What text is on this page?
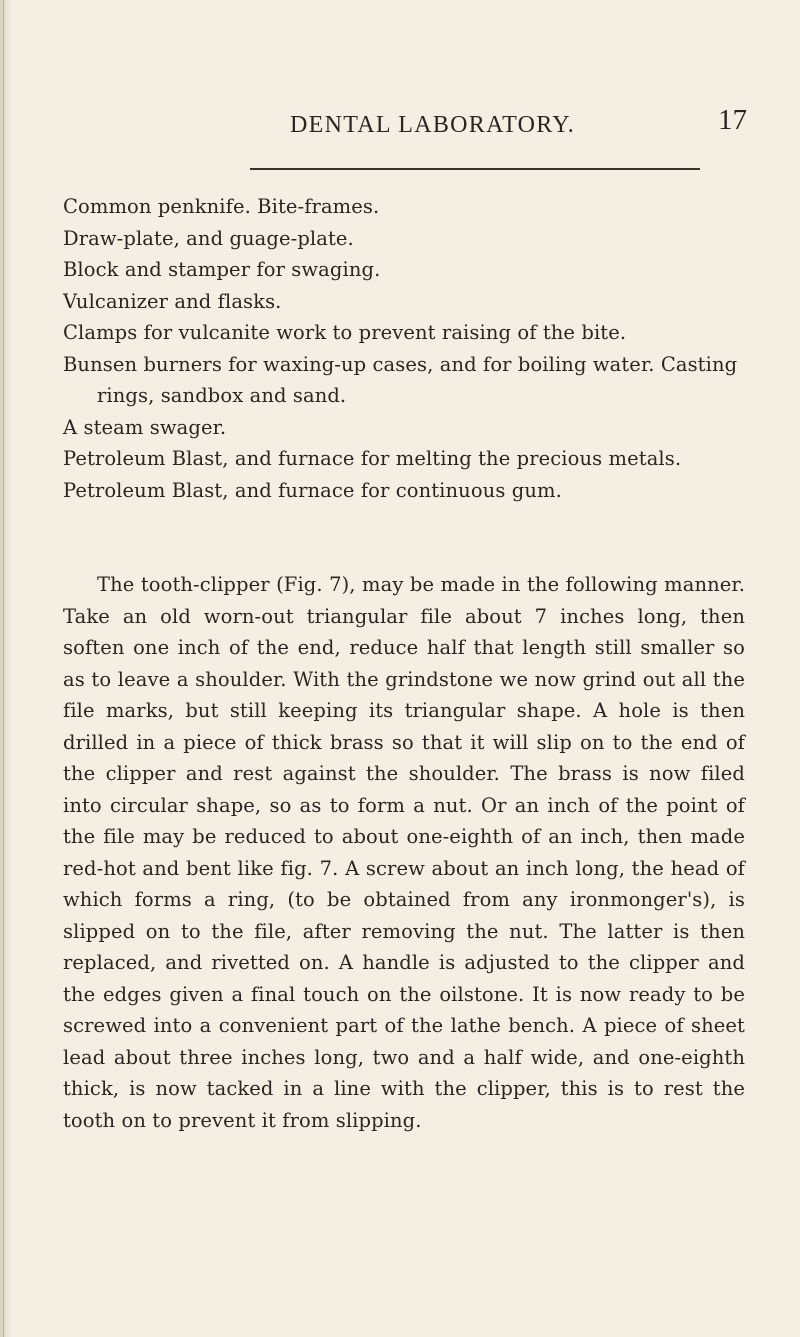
DENTAL LABORATORY.	17
Common penknife. Bite-frames.
Draw-plate, and guage-plate.
Block and stamper for swaging.
Vulcanizer and flasks.
Clamps for vulcanite work to prevent raising of the bite.
Bunsen burners for waxing-up cases, and for boiling water. Casting rings, sandbox and sand.
A steam swager.
Petroleum Blast, and furnace for melting the precious metals.
Petroleum Blast, and furnace for continuous gum.

The tooth-clipper (Fig. 7), may be made in the following manner. Take an old worn-out triangular file about 7 inches long, then soften one inch of the end, reduce half that length still smaller so as to leave a shoulder. With the grindstone we now grind out all the file marks, but still keeping its triangular shape. A hole is then drilled in a piece of thick brass so that it will slip on to the end of the clipper and rest against the shoulder. The brass is now filed into circular shape, so as to form a nut. Or an inch of the point of the file may be reduced to about one-eighth of an inch, then made red-hot and bent like fig. 7. A screw about an inch long, the head of which forms a ring, (to be obtained from any ironmonger's), is slipped on to the file, after removing the nut. The latter is then replaced, and rivetted on. A handle is adjusted to the clipper and the edges given a final touch on the oilstone. It is now ready to be screwed into a convenient part of the lathe bench. A piece of sheet lead about three inches long, two and a half wide, and one-eighth thick, is now tacked in a line with the clipper, this is to rest the tooth on to prevent it from slipping.
